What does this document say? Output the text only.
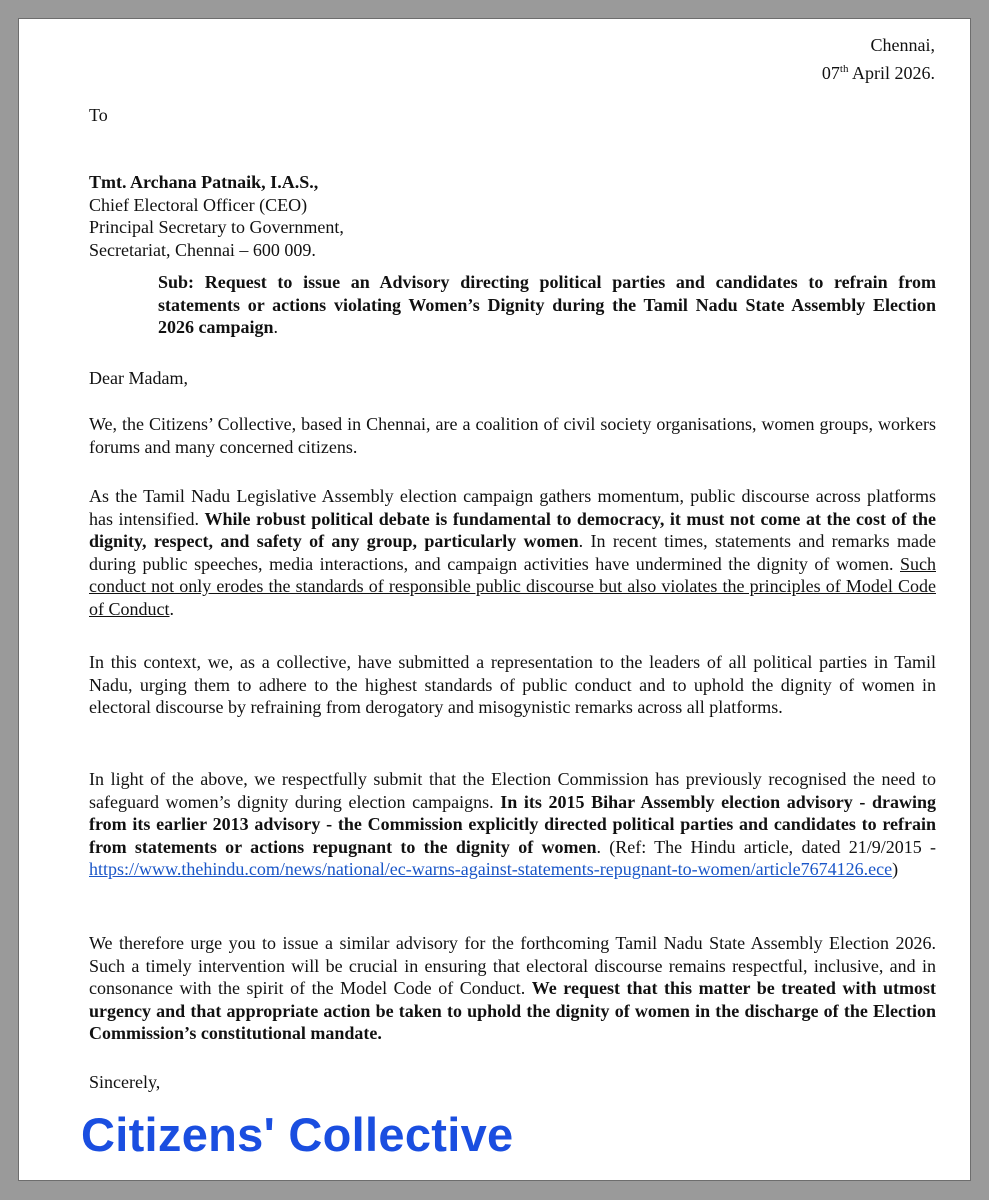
Chennai,
07th April 2026.

To

Tmt. Archana Patnaik, I.A.S.,
Chief Electoral Officer (CEO)
Principal Secretary to Government,
Secretariat, Chennai – 600 009.

Sub: Request to issue an Advisory directing political parties and candidates to refrain from statements or actions violating Women’s Dignity during the Tamil Nadu State Assembly Election 2026 campaign.

Dear Madam,

We, the Citizens’ Collective, based in Chennai, are a coalition of civil society organisations, women groups, workers forums and many concerned citizens.

As the Tamil Nadu Legislative Assembly election campaign gathers momentum, public discourse across platforms has intensified. While robust political debate is fundamental to democracy, it must not come at the cost of the dignity, respect, and safety of any group, particularly women. In recent times, statements and remarks made during public speeches, media interactions, and campaign activities have undermined the dignity of women. Such conduct not only erodes the standards of responsible public discourse but also violates the principles of Model Code of Conduct.

In this context, we, as a collective, have submitted a representation to the leaders of all political parties in Tamil Nadu, urging them to adhere to the highest standards of public conduct and to uphold the dignity of women in electoral discourse by refraining from derogatory and misogynistic remarks across all platforms.

In light of the above, we respectfully submit that the Election Commission has previously recognised the need to safeguard women’s dignity during election campaigns. In its 2015 Bihar Assembly election advisory - drawing from its earlier 2013 advisory - the Commission explicitly directed political parties and candidates to refrain from statements or actions repugnant to the dignity of women. (Ref: The Hindu article, dated 21/9/2015 - https://www.thehindu.com/news/national/ec-warns-against-statements-repugnant-to-women/article7674126.ece)

We therefore urge you to issue a similar advisory for the forthcoming Tamil Nadu State Assembly Election 2026. Such a timely intervention will be crucial in ensuring that electoral discourse remains respectful, inclusive, and in consonance with the spirit of the Model Code of Conduct. We request that this matter be treated with utmost urgency and that appropriate action be taken to uphold the dignity of women in the discharge of the Election Commission’s constitutional mandate.

Sincerely,

Citizens' Collective
